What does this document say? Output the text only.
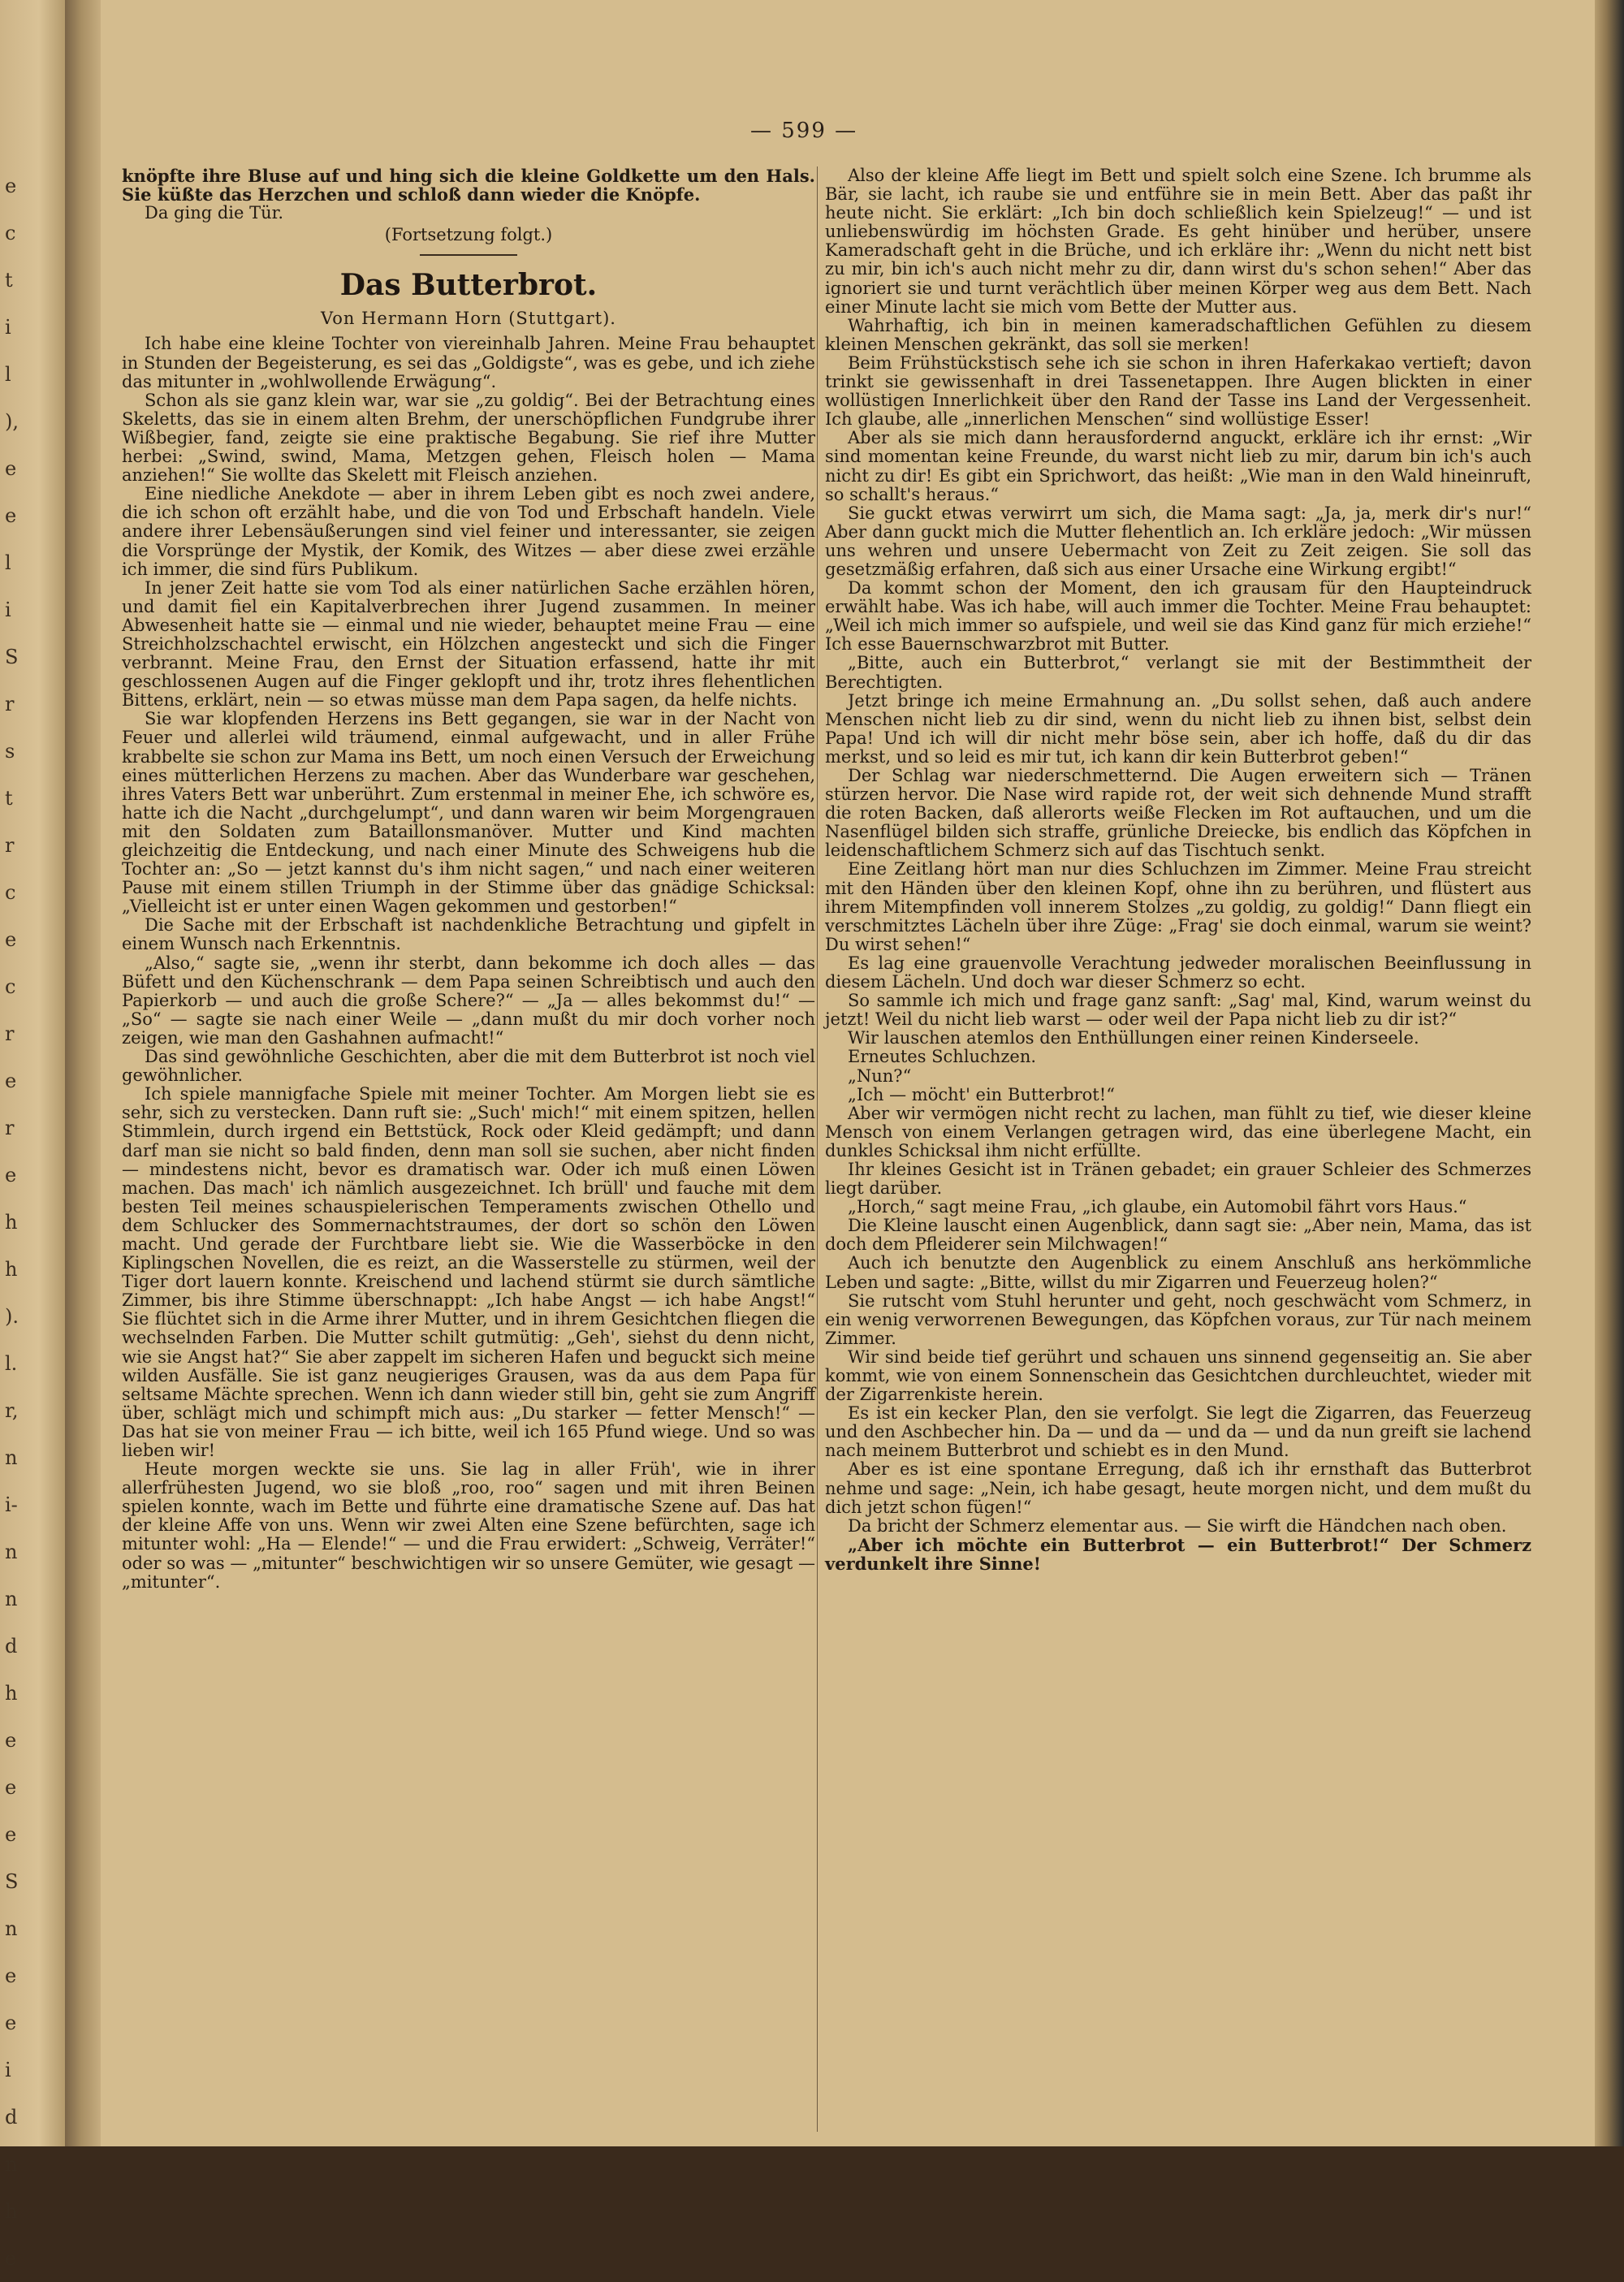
e
c
t
i
l
),
e
e
l
i
S
r
s
t
r
c
e
c
r
e
r
e
h
h
).
l.
r,
n
i-
n
n
d
h
e
e
e
S
n
e
e
i
d
n
h
e
— 599 —

knöpfte ihre Bluse auf und hing sich die kleine Goldkette um den Hals. Sie küßte das Herzchen und schloß dann wieder die Knöpfe.

Da ging die Tür.

(Fortsetzung folgt.)

Das Butterbrot.

Von Hermann Horn (Stuttgart).

Ich habe eine kleine Tochter von viereinhalb Jahren. Meine Frau behauptet in Stunden der Begeisterung, es sei das „Goldigste“, was es gebe, und ich ziehe das mitunter in „wohlwollende Erwägung“.

Schon als sie ganz klein war, war sie „zu goldig“. Bei der Betrachtung eines Skeletts, das sie in einem alten Brehm, der unerschöpflichen Fundgrube ihrer Wißbegier, fand, zeigte sie eine praktische Begabung. Sie rief ihre Mutter herbei: „Swind, swind, Mama, Metzgen gehen, Fleisch holen — Mama anziehen!“ Sie wollte das Skelett mit Fleisch anziehen.

Eine niedliche Anekdote — aber in ihrem Leben gibt es noch zwei andere, die ich schon oft erzählt habe, und die von Tod und Erbschaft handeln. Viele andere ihrer Lebensäußerungen sind viel feiner und interessanter, sie zeigen die Vorsprünge der Mystik, der Komik, des Witzes — aber diese zwei erzähle ich immer, die sind fürs Publikum.

In jener Zeit hatte sie vom Tod als einer natürlichen Sache erzählen hören, und damit fiel ein Kapitalverbrechen ihrer Jugend zusammen. In meiner Abwesenheit hatte sie — einmal und nie wieder, behauptet meine Frau — eine Streichholzschachtel erwischt, ein Hölzchen angesteckt und sich die Finger verbrannt. Meine Frau, den Ernst der Situation erfassend, hatte ihr mit geschlossenen Augen auf die Finger geklopft und ihr, trotz ihres flehentlichen Bittens, erklärt, nein — so etwas müsse man dem Papa sagen, da helfe nichts.

Sie war klopfenden Herzens ins Bett gegangen, sie war in der Nacht von Feuer und allerlei wild träumend, einmal aufgewacht, und in aller Frühe krabbelte sie schon zur Mama ins Bett, um noch einen Versuch der Erweichung eines mütterlichen Herzens zu machen. Aber das Wunderbare war geschehen, ihres Vaters Bett war unberührt. Zum erstenmal in meiner Ehe, ich schwöre es, hatte ich die Nacht „durchgelumpt“, und dann waren wir beim Morgengrauen mit den Soldaten zum Bataillonsmanöver. Mutter und Kind machten gleichzeitig die Entdeckung, und nach einer Minute des Schweigens hub die Tochter an: „So — jetzt kannst du's ihm nicht sagen,“ und nach einer weiteren Pause mit einem stillen Triumph in der Stimme über das gnädige Schicksal: „Vielleicht ist er unter einen Wagen gekommen und gestorben!“

Die Sache mit der Erbschaft ist nachdenkliche Betrachtung und gipfelt in einem Wunsch nach Erkenntnis.

„Also,“ sagte sie, „wenn ihr sterbt, dann bekomme ich doch alles — das Büfett und den Küchenschrank — dem Papa seinen Schreibtisch und auch den Papierkorb — und auch die große Schere?“ — „Ja — alles bekommst du!“ — „So“ — sagte sie nach einer Weile — „dann mußt du mir doch vorher noch zeigen, wie man den Gashahnen aufmacht!“

Das sind gewöhnliche Geschichten, aber die mit dem Butterbrot ist noch viel gewöhnlicher.

Ich spiele mannigfache Spiele mit meiner Tochter. Am Morgen liebt sie es sehr, sich zu verstecken. Dann ruft sie: „Such' mich!“ mit einem spitzen, hellen Stimmlein, durch irgend ein Bettstück, Rock oder Kleid gedämpft; und dann darf man sie nicht so bald finden, denn man soll sie suchen, aber nicht finden — mindestens nicht, bevor es dramatisch war. Oder ich muß einen Löwen machen. Das mach' ich nämlich ausgezeichnet. Ich brüll' und fauche mit dem besten Teil meines schauspielerischen Temperaments zwischen Othello und dem Schlucker des Sommernachtstraumes, der dort so schön den Löwen macht. Und gerade der Furchtbare liebt sie. Wie die Wasserböcke in den Kiplingschen Novellen, die es reizt, an die Wasserstelle zu stürmen, weil der Tiger dort lauern konnte. Kreischend und lachend stürmt sie durch sämtliche Zimmer, bis ihre Stimme überschnappt: „Ich habe Angst — ich habe Angst!“ Sie flüchtet sich in die Arme ihrer Mutter, und in ihrem Gesichtchen fliegen die wechselnden Farben. Die Mutter schilt gutmütig: „Geh', siehst du denn nicht, wie sie Angst hat?“ Sie aber zappelt im sicheren Hafen und beguckt sich meine wilden Ausfälle. Sie ist ganz neugieriges Grausen, was da aus dem Papa für seltsame Mächte sprechen. Wenn ich dann wieder still bin, geht sie zum Angriff über, schlägt mich und schimpft mich aus: „Du starker — fetter Mensch!“ — Das hat sie von meiner Frau — ich bitte, weil ich 165 Pfund wiege. Und so was lieben wir!

Heute morgen weckte sie uns. Sie lag in aller Früh', wie in ihrer allerfrühesten Jugend, wo sie bloß „roo, roo“ sagen und mit ihren Beinen spielen konnte, wach im Bette und führte eine dramatische Szene auf. Das hat der kleine Affe von uns. Wenn wir zwei Alten eine Szene befürchten, sage ich mitunter wohl: „Ha — Elende!“ — und die Frau erwidert: „Schweig, Verräter!“ oder so was — „mitunter“ beschwichtigen wir so unsere Gemüter, wie gesagt — „mitunter“.

Also der kleine Affe liegt im Bett und spielt solch eine Szene. Ich brumme als Bär, sie lacht, ich raube sie und entführe sie in mein Bett. Aber das paßt ihr heute nicht. Sie erklärt: „Ich bin doch schließlich kein Spielzeug!“ — und ist unliebenswürdig im höchsten Grade. Es geht hinüber und herüber, unsere Kameradschaft geht in die Brüche, und ich erkläre ihr: „Wenn du nicht nett bist zu mir, bin ich's auch nicht mehr zu dir, dann wirst du's schon sehen!“ Aber das ignoriert sie und turnt verächtlich über meinen Körper weg aus dem Bett. Nach einer Minute lacht sie mich vom Bette der Mutter aus.

Wahrhaftig, ich bin in meinen kameradschaftlichen Gefühlen zu diesem kleinen Menschen gekränkt, das soll sie merken!

Beim Frühstückstisch sehe ich sie schon in ihren Haferkakao vertieft; davon trinkt sie gewissenhaft in drei Tassenetappen. Ihre Augen blickten in einer wollüstigen Innerlichkeit über den Rand der Tasse ins Land der Vergessenheit. Ich glaube, alle „innerlichen Menschen“ sind wollüstige Esser!

Aber als sie mich dann herausfordernd anguckt, erkläre ich ihr ernst: „Wir sind momentan keine Freunde, du warst nicht lieb zu mir, darum bin ich's auch nicht zu dir! Es gibt ein Sprichwort, das heißt: „Wie man in den Wald hineinruft, so schallt's heraus.“

Sie guckt etwas verwirrt um sich, die Mama sagt: „Ja, ja, merk dir's nur!“ Aber dann guckt mich die Mutter flehentlich an. Ich erkläre jedoch: „Wir müssen uns wehren und unsere Uebermacht von Zeit zu Zeit zeigen. Sie soll das gesetzmäßig erfahren, daß sich aus einer Ursache eine Wirkung ergibt!“

Da kommt schon der Moment, den ich grausam für den Haupteindruck erwählt habe. Was ich habe, will auch immer die Tochter. Meine Frau behauptet: „Weil ich mich immer so aufspiele, und weil sie das Kind ganz für mich erziehe!“ Ich esse Bauernschwarzbrot mit Butter.

„Bitte, auch ein Butterbrot,“ verlangt sie mit der Bestimmtheit der Berechtigten.

Jetzt bringe ich meine Ermahnung an. „Du sollst sehen, daß auch andere Menschen nicht lieb zu dir sind, wenn du nicht lieb zu ihnen bist, selbst dein Papa! Und ich will dir nicht mehr böse sein, aber ich hoffe, daß du dir das merkst, und so leid es mir tut, ich kann dir kein Butterbrot geben!“

Der Schlag war niederschmetternd. Die Augen erweitern sich — Tränen stürzen hervor. Die Nase wird rapide rot, der weit sich dehnende Mund strafft die roten Backen, daß allerorts weiße Flecken im Rot auftauchen, und um die Nasenflügel bilden sich straffe, grünliche Dreiecke, bis endlich das Köpfchen in leidenschaftlichem Schmerz sich auf das Tischtuch senkt.

Eine Zeitlang hört man nur dies Schluchzen im Zimmer. Meine Frau streicht mit den Händen über den kleinen Kopf, ohne ihn zu berühren, und flüstert aus ihrem Mitempfinden voll innerem Stolzes „zu goldig, zu goldig!“ Dann fliegt ein verschmitztes Lächeln über ihre Züge: „Frag' sie doch einmal, warum sie weint? Du wirst sehen!“

Es lag eine grauenvolle Verachtung jedweder moralischen Beeinflussung in diesem Lächeln. Und doch war dieser Schmerz so echt.

So sammle ich mich und frage ganz sanft: „Sag' mal, Kind, warum weinst du jetzt! Weil du nicht lieb warst — oder weil der Papa nicht lieb zu dir ist?“

Wir lauschen atemlos den Enthüllungen einer reinen Kinderseele.

Erneutes Schluchzen.

„Nun?“

„Ich — möcht' ein Butterbrot!“

Aber wir vermögen nicht recht zu lachen, man fühlt zu tief, wie dieser kleine Mensch von einem Verlangen getragen wird, das eine überlegene Macht, ein dunkles Schicksal ihm nicht erfüllte.

Ihr kleines Gesicht ist in Tränen gebadet; ein grauer Schleier des Schmerzes liegt darüber.

„Horch,“ sagt meine Frau, „ich glaube, ein Automobil fährt vors Haus.“

Die Kleine lauscht einen Augenblick, dann sagt sie: „Aber nein, Mama, das ist doch dem Pfleiderer sein Milchwagen!“

Auch ich benutzte den Augenblick zu einem Anschluß ans herkömmliche Leben und sagte: „Bitte, willst du mir Zigarren und Feuerzeug holen?“

Sie rutscht vom Stuhl herunter und geht, noch geschwächt vom Schmerz, in ein wenig verworrenen Bewegungen, das Köpfchen voraus, zur Tür nach meinem Zimmer.

Wir sind beide tief gerührt und schauen uns sinnend gegenseitig an. Sie aber kommt, wie von einem Sonnenschein das Gesichtchen durchleuchtet, wieder mit der Zigarrenkiste herein.

Es ist ein kecker Plan, den sie verfolgt. Sie legt die Zigarren, das Feuerzeug und den Aschbecher hin. Da — und da — und da — und da nun greift sie lachend nach meinem Butterbrot und schiebt es in den Mund.

Aber es ist eine spontane Erregung, daß ich ihr ernsthaft das Butterbrot nehme und sage: „Nein, ich habe gesagt, heute morgen nicht, und dem mußt du dich jetzt schon fügen!“

Da bricht der Schmerz elementar aus. — Sie wirft die Händchen nach oben.

„Aber ich möchte ein Butterbrot — ein Butterbrot!“ Der Schmerz verdunkelt ihre Sinne!
